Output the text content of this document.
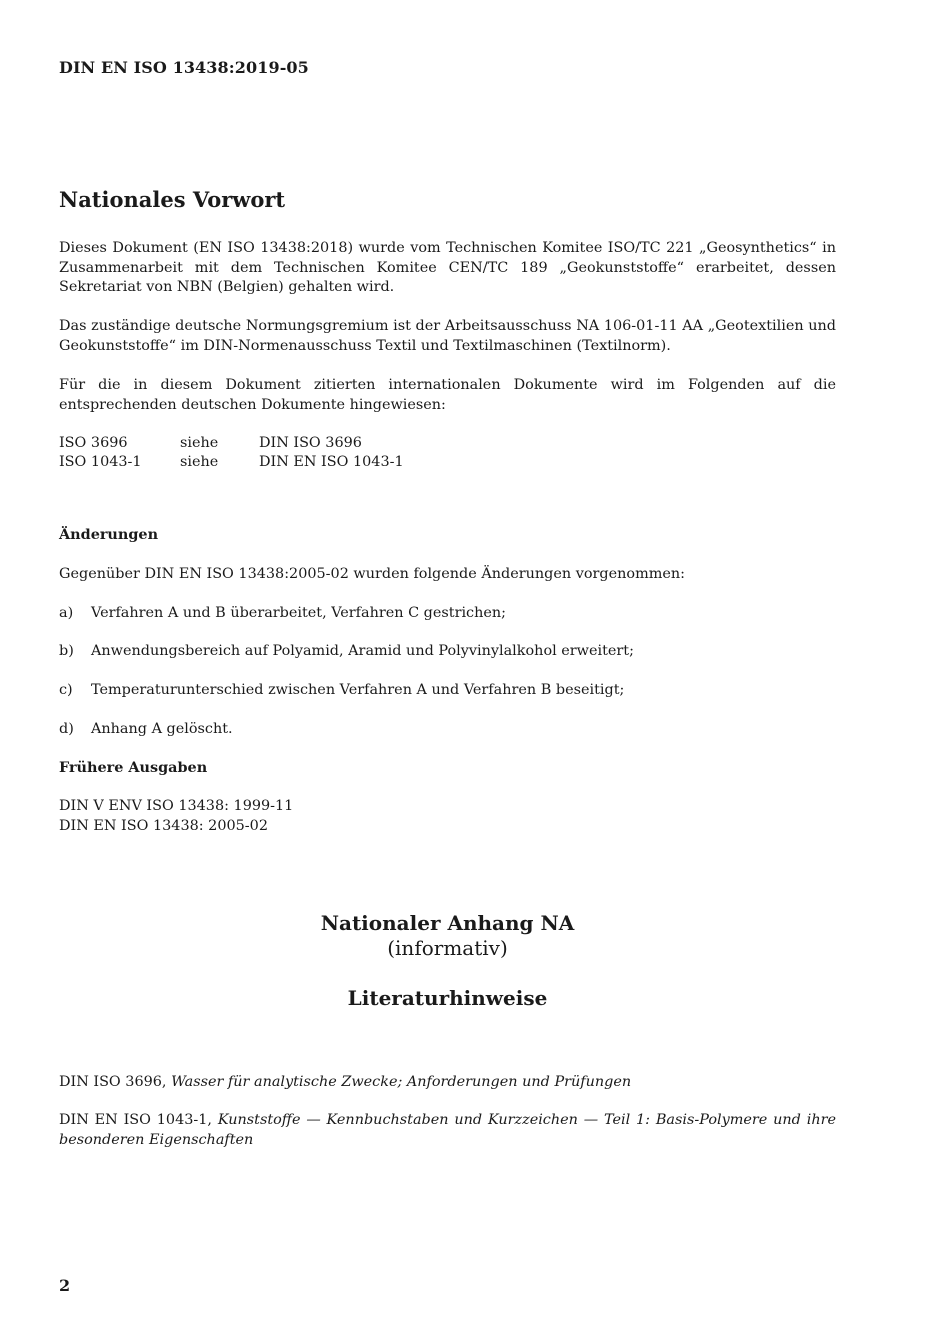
DIN EN ISO 13438:2019-05
Nationales Vorwort

Dieses Dokument (EN ISO 13438:2018) wurde vom Technischen Komitee ISO/TC 221 „Geosynthetics“ in Zusammenarbeit mit dem Technischen Komitee CEN/TC 189 „Geokunststoffe“ erarbeitet, dessen Sekretariat von NBN (Belgien) gehalten wird.

Das zuständige deutsche Normungsgremium ist der Arbeitsausschuss NA 106-01-11 AA „Geotextilien und Geokunststoffe“ im DIN-Normenausschuss Textil und Textilmaschinen (Textilnorm).

Für die in diesem Dokument zitierten internationalen Dokumente wird im Folgenden auf die entsprechenden deutschen Dokumente hingewiesen:

ISO 3696	siehe	DIN ISO 3696
ISO 1043-1	siehe	DIN EN ISO 1043-1
Änderungen
Gegenüber DIN EN ISO 13438:2005-02 wurden folgende Änderungen vorgenommen:
a) Verfahren A und B überarbeitet, Verfahren C gestrichen;
b) Anwendungsbereich auf Polyamid, Aramid und Polyvinylalkohol erweitert;
c) Temperaturunterschied zwischen Verfahren A und Verfahren B beseitigt;
d) Anhang A gelöscht.
Frühere Ausgaben
DIN V ENV ISO 13438: 1999-11
DIN EN ISO 13438: 2005-02
Nationaler Anhang NA
(informativ)
Literaturhinweise

DIN ISO 3696, Wasser für analytische Zwecke; Anforderungen und Prüfungen

DIN EN ISO 1043-1, Kunststoffe — Kennbuchstaben und Kurzzeichen — Teil 1: Basis-Polymere und ihre besonderen Eigenschaften

2
